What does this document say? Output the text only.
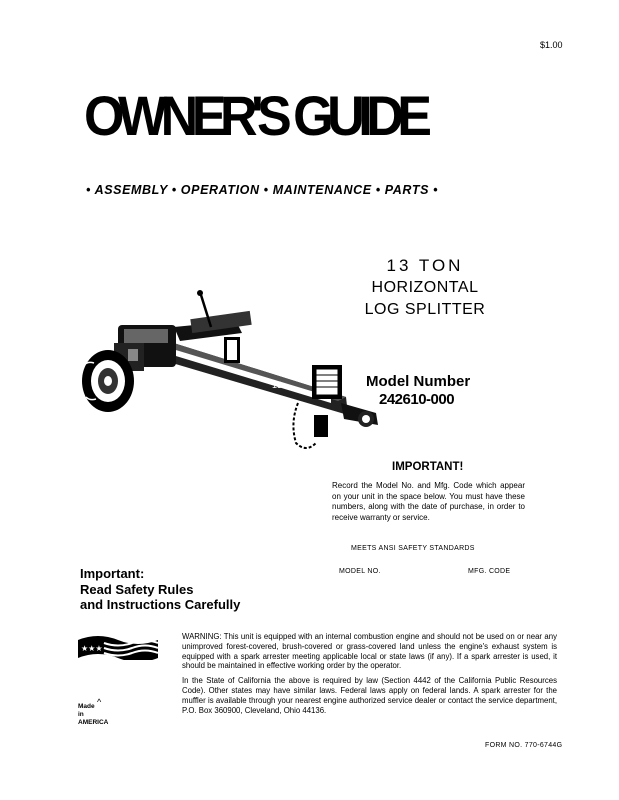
$1.00
OWNER'S GUIDE
• ASSEMBLY • OPERATION • MAINTENANCE • PARTS •
13 TON
HORIZONTAL
LOG SPLITTER
13	Model Number
242610-000
IMPORTANT!
Record the Model No. and Mfg. Code which appear on your unit in the space below. You must have these numbers, along with the date of purchase, in order to receive warranty or service.
MEETS ANSI SAFETY STANDARDS
MODEL NO.	MFG. CODE
Important:
Read Safety Rules
and Instructions Carefully
★★★
^
Made
in
AMERICA

WARNING: This unit is equipped with an internal combustion engine and should not be used on or near any unimproved forest-covered, brush-covered or grass-covered land unless the engine's exhaust system is equipped with a spark arrester meeting applicable local or state laws (if any). If a spark arrester is used, it should be maintained in effective working order by the operator.

In the State of California the above is required by law (Section 4442 of the California Public Resources Code). Other states may have similar laws. Federal laws apply on federal lands. A spark arrester for the muffler is available through your nearest engine authorized service dealer or contact the service department, P.O. Box 360900, Cleveland, Ohio 44136.

FORM NO. 770-6744G
